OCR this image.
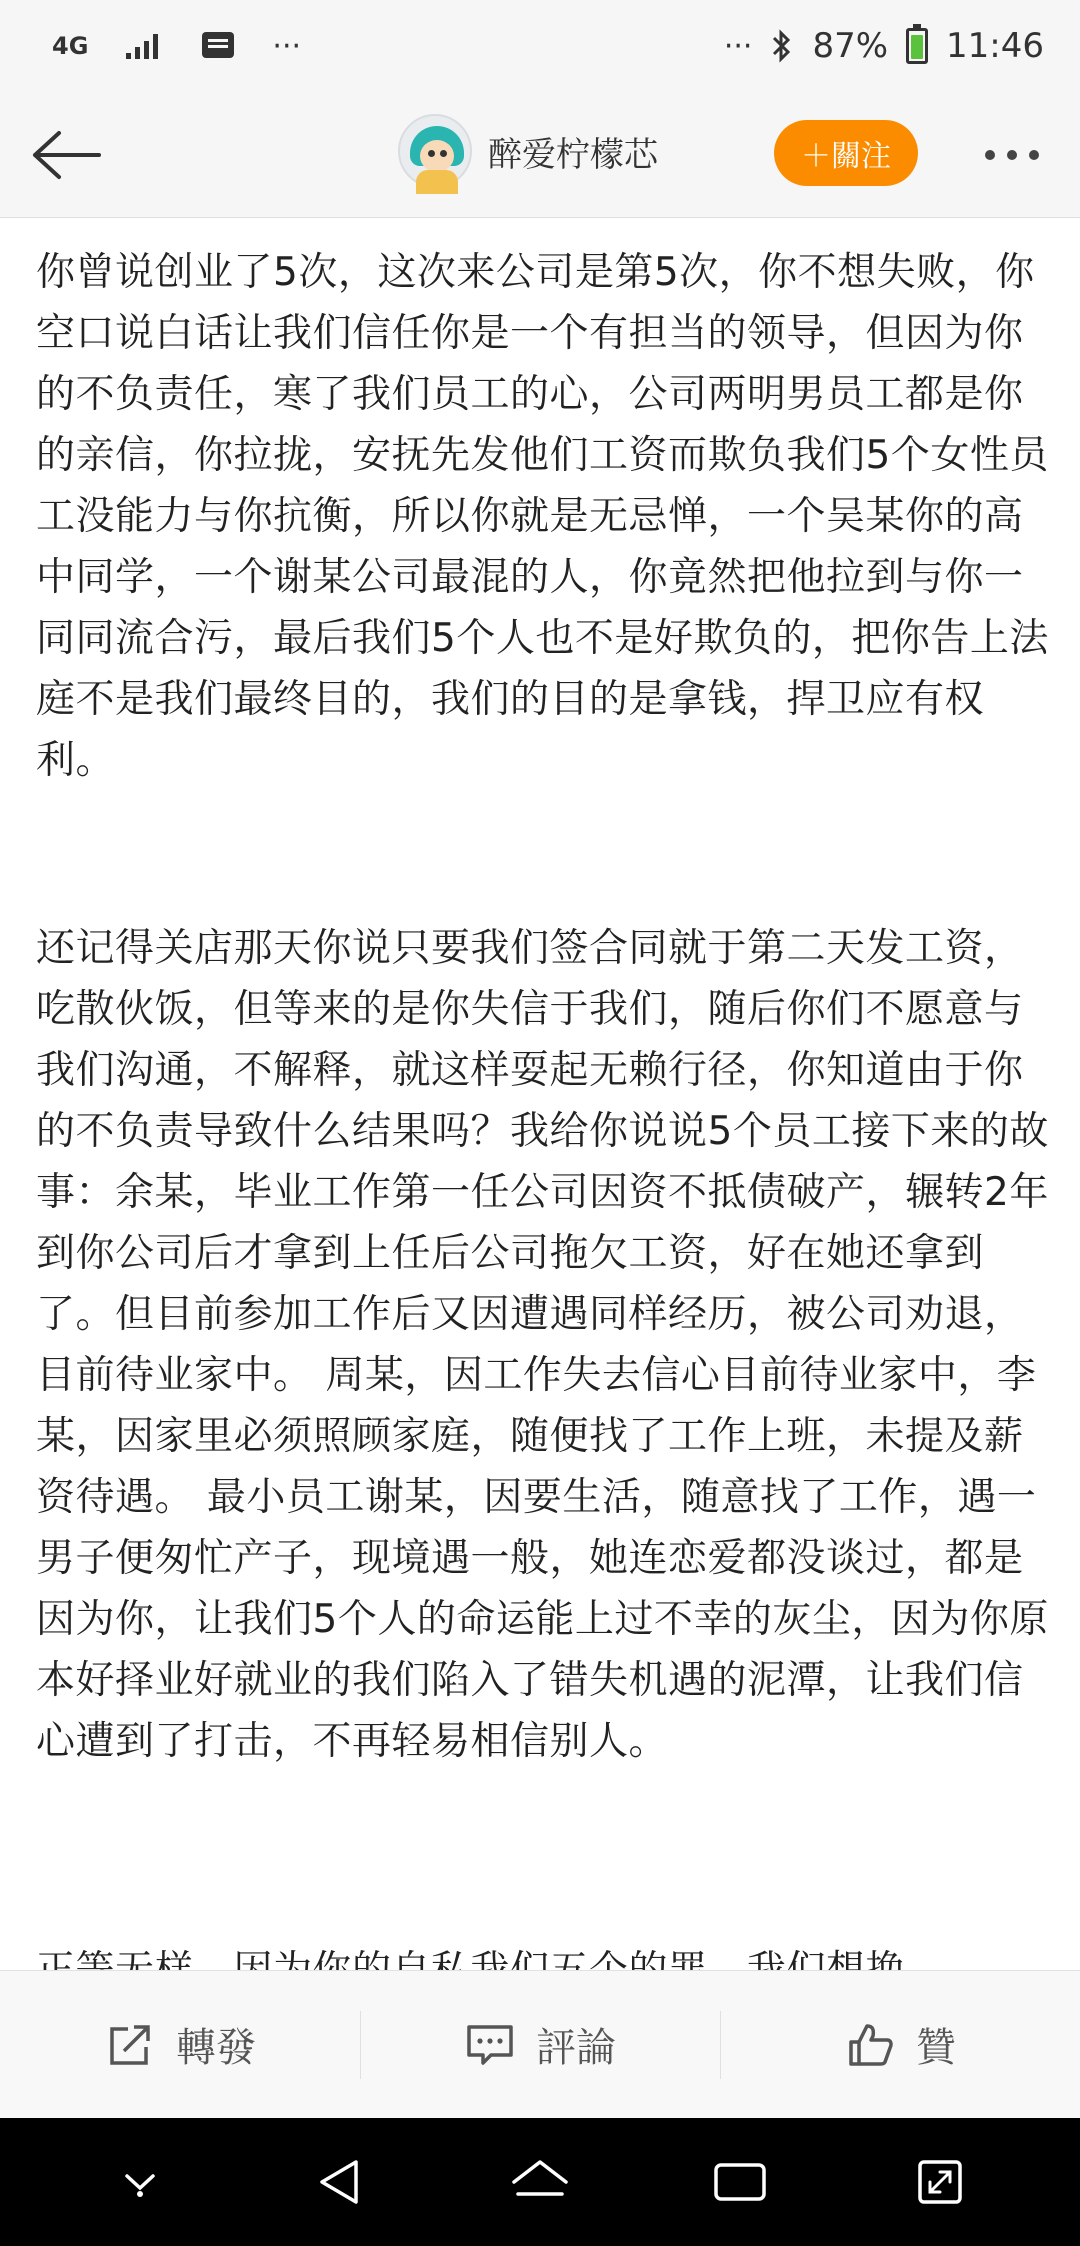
4G	···	··· 87% 11:46
醉爱柠檬芯	＋關注

你曾说创业了5次，这次来公司是第5次，你不想失败，你空口说白话让我们信任你是一个有担当的领导，但因为你的不负责任，寒了我们员工的心，公司两明男员工都是你的亲信，你拉拢，安抚先发他们工资而欺负我们5个女性员工没能力与你抗衡，所以你就是无忌惮，一个吴某你的高中同学，一个谢某公司最混的人，你竟然把他拉到与你一同同流合污，最后我们5个人也不是好欺负的，把你告上法庭不是我们最终目的，我们的目的是拿钱，捍卫应有权利。

还记得关店那天你说只要我们签合同就于第二天发工资，吃散伙饭，但等来的是你失信于我们，随后你们不愿意与我们沟通，不解释，就这样耍起无赖行径，你知道由于你的不负责导致什么结果吗？我给你说说5个员工接下来的故事：余某，毕业工作第一任公司因资不抵债破产，辗转2年到你公司后才拿到上任后公司拖欠工资，好在她还拿到了。但目前参加工作后又因遭遇同样经历，被公司劝退，目前待业家中。 周某，因工作失去信心目前待业家中，李某，因家里必须照顾家庭，随便找了工作上班，未提及薪资待遇。 最小员工谢某，因要生活，随意找了工作，遇一男子便匆忙产子，现境遇一般，她连恋爱都没谈过，都是因为你，让我们5个人的命运能上过不幸的灰尘，因为你原本好择业好就业的我们陷入了错失机遇的泥潭，让我们信心遭到了打击，不再轻易相信别人。

轉發	評論	贊
